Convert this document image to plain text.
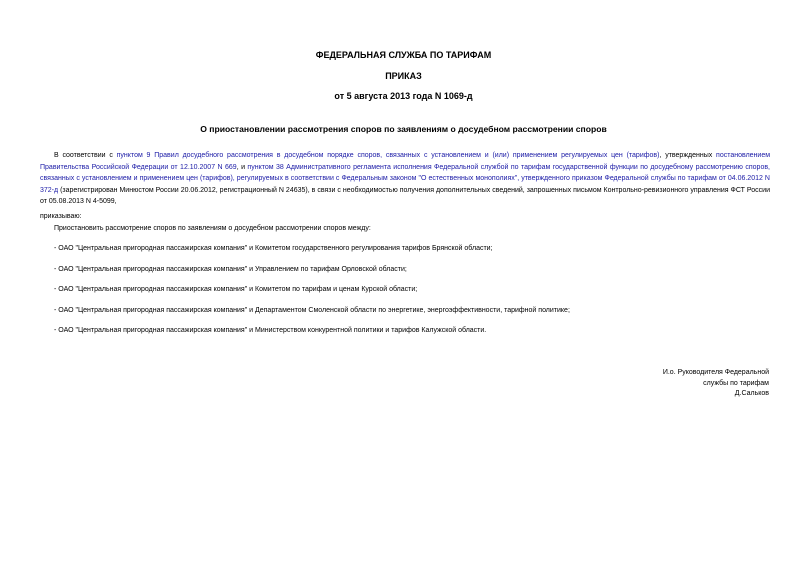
ФЕДЕРАЛЬНАЯ СЛУЖБА ПО ТАРИФАМ
ПРИКАЗ
от 5 августа 2013 года N 1069-д
О приостановлении рассмотрения споров по заявлениям о досудебном рассмотрении споров

В соответствии с пунктом 9 Правил досудебного рассмотрения в досудебном порядке споров, связанных с установлением и (или) применением регулируемых цен (тарифов), утвержденных постановлением Правительства Российской Федерации от 12.10.2007 N 669, и пунктом 38 Административного регламента исполнения Федеральной службой по тарифам государственной функции по досудебному рассмотрению споров, связанных с установлением и применением цен (тарифов), регулируемых в соответствии с Федеральным законом "О естественных монополиях", утвержденного приказом Федеральной службы по тарифам от 04.06.2012 N 372-д (зарегистрирован Минюстом России 20.06.2012, регистрационный N 24635), в связи с необходимостью получения дополнительных сведений, запрошенных письмом Контрольно-ревизионного управления ФСТ России от 05.08.2013 N 4-5099,

приказываю:
Приостановить рассмотрение споров по заявлениям о досудебном рассмотрении споров между:
- ОАО "Центральная пригородная пассажирская компания" и Комитетом государственного регулирования тарифов Брянской области;
- ОАО "Центральная пригородная пассажирская компания" и Управлением по тарифам Орловской области;
- ОАО "Центральная пригородная пассажирская компания" и Комитетом по тарифам и ценам Курской области;
- ОАО "Центральная пригородная пассажирская компания" и Департаментом Смоленской области по энергетике, энергоэффективности, тарифной политике;
- ОАО "Центральная пригородная пассажирская компания" и Министерством конкурентной политики и тарифов Калужской области.
И.о. Руководителя Федеральной
службы по тарифам
Д.Сальков
